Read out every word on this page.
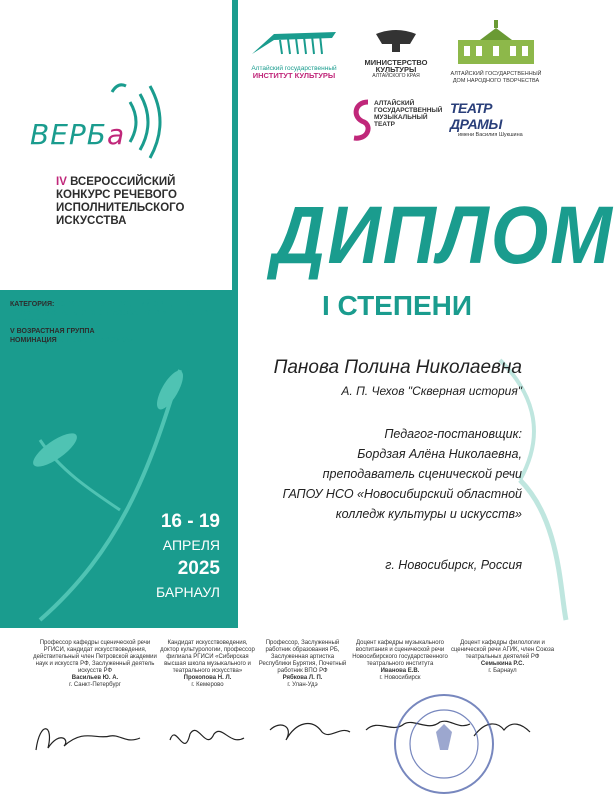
Алтайский государственный
ИНСТИТУТ КУЛЬТУРЫ
МИНИСТЕРСТВО
КУЛЬТУРЫ
АЛТАЙСКОГО КРАЯ	АЛТАЙСКИЙ ГОСУДАРСТВЕННЫЙ
ДОМ НАРОДНОГО ТВОРЧЕСТВА
АЛТАЙСКИЙ
ГОСУДАРСТВЕННЫЙ
МУЗЫКАЛЬНЫЙ
ТЕАТР
ТЕАТР ДРАМЫ
имени Василия Шукшина
ВЕРБа
IV ВСЕРОССИЙСКИЙ КОНКУРС РЕЧЕВОГО ИСПОЛНИТЕЛЬСКОГО ИСКУССТВА
КАТЕГОРИЯ: «СТУДЕНТЫ УЧРЕЖДЕНИЙ СРЕДНЕГО ПРОФЕССИОНАЛЬНОГО ОБРАЗОВАНИЯ СФЕРЫ КУЛЬТУРЫ И ИСКУССТВА»
V ВОЗРАСТНАЯ ГРУППА
НОМИНАЦИЯ «ПРОЗА. КЛАССИКА»
ДИПЛОМ
I СТЕПЕНИ
Панова Полина Николаевна
А. П. Чехов "Скверная история"
Педагог-постановщик:
Бордзая Алёна Николаевна,
преподаватель сценической речи
ГАПОУ НСО «Новосибирский областной
колледж культуры и искусств»
г. Новосибирск, Россия
16 - 19
АПРЕЛЯ
2025
БАРНАУЛ
Профессор кафедры сценической речи РГИСИ, кандидат искусствоведения, действительный член Петровской академии наук и искусств РФ, Заслуженный деятель искусств РФ
Васильев Ю. А.
г. Санкт-Петербург
Кандидат искусствоведения, доктор культурологии, профессор филиала РГИСИ «Сибирская высшая школа музыкального и театрального искусства»
Прокопова Н. Л.
г. Кемерово
Профессор, Заслуженный работник образования РБ, Заслуженная артистка Республики Бурятия, Почетный работник ВПО РФ
Рябкова Л. П.
г. Улан-Удэ
Доцент кафедры музыкального воспитания и сценической речи Новосибирского государственного театрального института
Иванова Е.В.
г. Новосибирск
Доцент кафедры филологии и сценической речи АГИК, член Союза театральных деятелей РФ
Семыкина Р.С.
г. Барнаул
